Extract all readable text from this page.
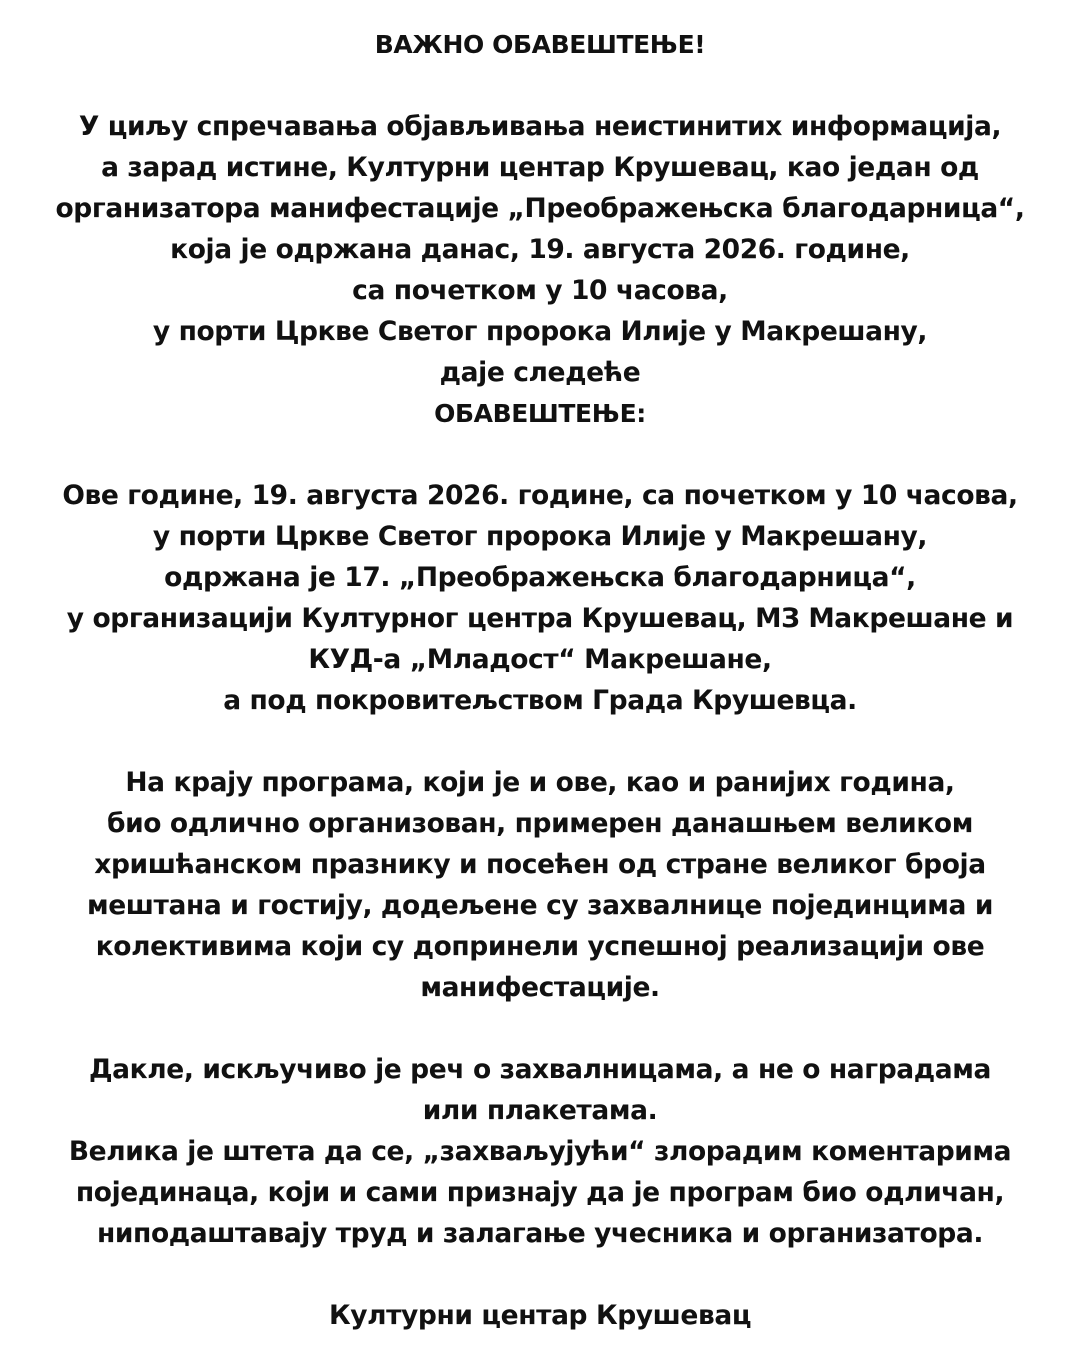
ВАЖНО ОБАВЕШТЕЊЕ!
У циљу спречавања објављивања неистинитих информација,
а зарад истине, Културни центар Крушевац, као један од
организатора манифестације „Преображењска благодарница“,
која је одржана данас, 19. августа 2026. године,
са почетком у 10 часова,
у порти Цркве Светог пророка Илије у Макрешану,
даје следеће
ОБАВЕШТЕЊЕ:
Ове године, 19. августа 2026. године, са почетком у 10 часова,
у порти Цркве Светог пророка Илије у Макрешану,
одржана је 17. „Преображењска благодарница“,
у организацији Културног центра Крушевац, МЗ Макрешане и
КУД-а „Младост“ Макрешане,
а под покровитељством Града Крушевца.
На крају програма, који је и ове, као и ранијих година,
био одлично организован, примерен данашњем великом
хришћанском празнику и посећен од стране великог броја
мештана и гостију, додељене су захвалнице појединцима и
колективима који су допринели успешној реализацији ове
манифестације.
Дакле, искључиво је реч о захвалницама, а не о наградама
или плакетама.
Велика је штета да се, „захваљујући“ злорадим коментарима
појединаца, који и сами признају да је програм био одличан,
ниподаштавају труд и залагање учесника и организатора.
Културни центар Крушевац
